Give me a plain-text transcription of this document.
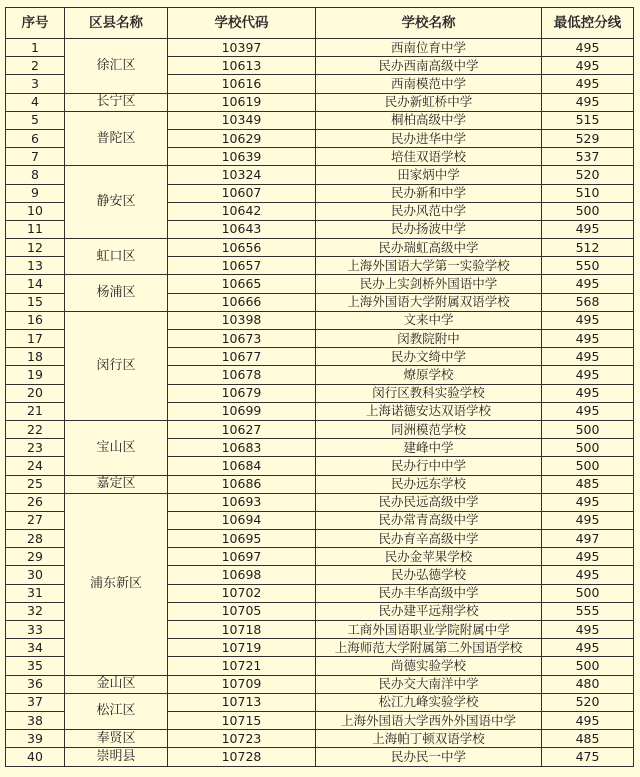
序号	区县名称	学校代码	学校名称	最低控分线
1	徐汇区	10397	西南位育中学	495
2		10613	民办西南高级中学	495
3		10616	西南模范中学	495
4	长宁区	10619	民办新虹桥中学	495
5	普陀区	10349	桐柏高级中学	515
6		10629	民办进华中学	529
7		10639	培佳双语学校	537
8	静安区	10324	田家炳中学	520
9		10607	民办新和中学	510
10		10642	民办风范中学	500
11		10643	民办扬波中学	495
12	虹口区	10656	民办瑞虹高级中学	512
13		10657	上海外国语大学第一实验学校	550
14	杨浦区	10665	民办上实剑桥外国语中学	495
15		10666	上海外国语大学附属双语学校	568
16	闵行区	10398	文来中学	495
17		10673	闵教院附中	495
18		10677	民办文绮中学	495
19		10678	燎原学校	495
20		10679	闵行区教科实验学校	495
21		10699	上海诺德安达双语学校	495
22	宝山区	10627	同洲模范学校	500
23		10683	建峰中学	500
24		10684	民办行中中学	500
25	嘉定区	10686	民办远东学校	485
26	浦东新区	10693	民办民远高级中学	495
27		10694	民办常青高级中学	495
28		10695	民办育辛高级中学	497
29		10697	民办金苹果学校	495
30		10698	民办弘德学校	495
31		10702	民办丰华高级中学	500
32		10705	民办建平远翔学校	555
33		10718	工商外国语职业学院附属中学	495
34		10719	上海师范大学附属第二外国语学校	495
35		10721	尚德实验学校	500
36	金山区	10709	民办交大南洋中学	480
37	松江区	10713	松江九峰实验学校	520
38		10715	上海外国语大学西外外国语中学	495
39	奉贤区	10723	上海帕丁顿双语学校	485
40	崇明县	10728	民办民一中学	475
